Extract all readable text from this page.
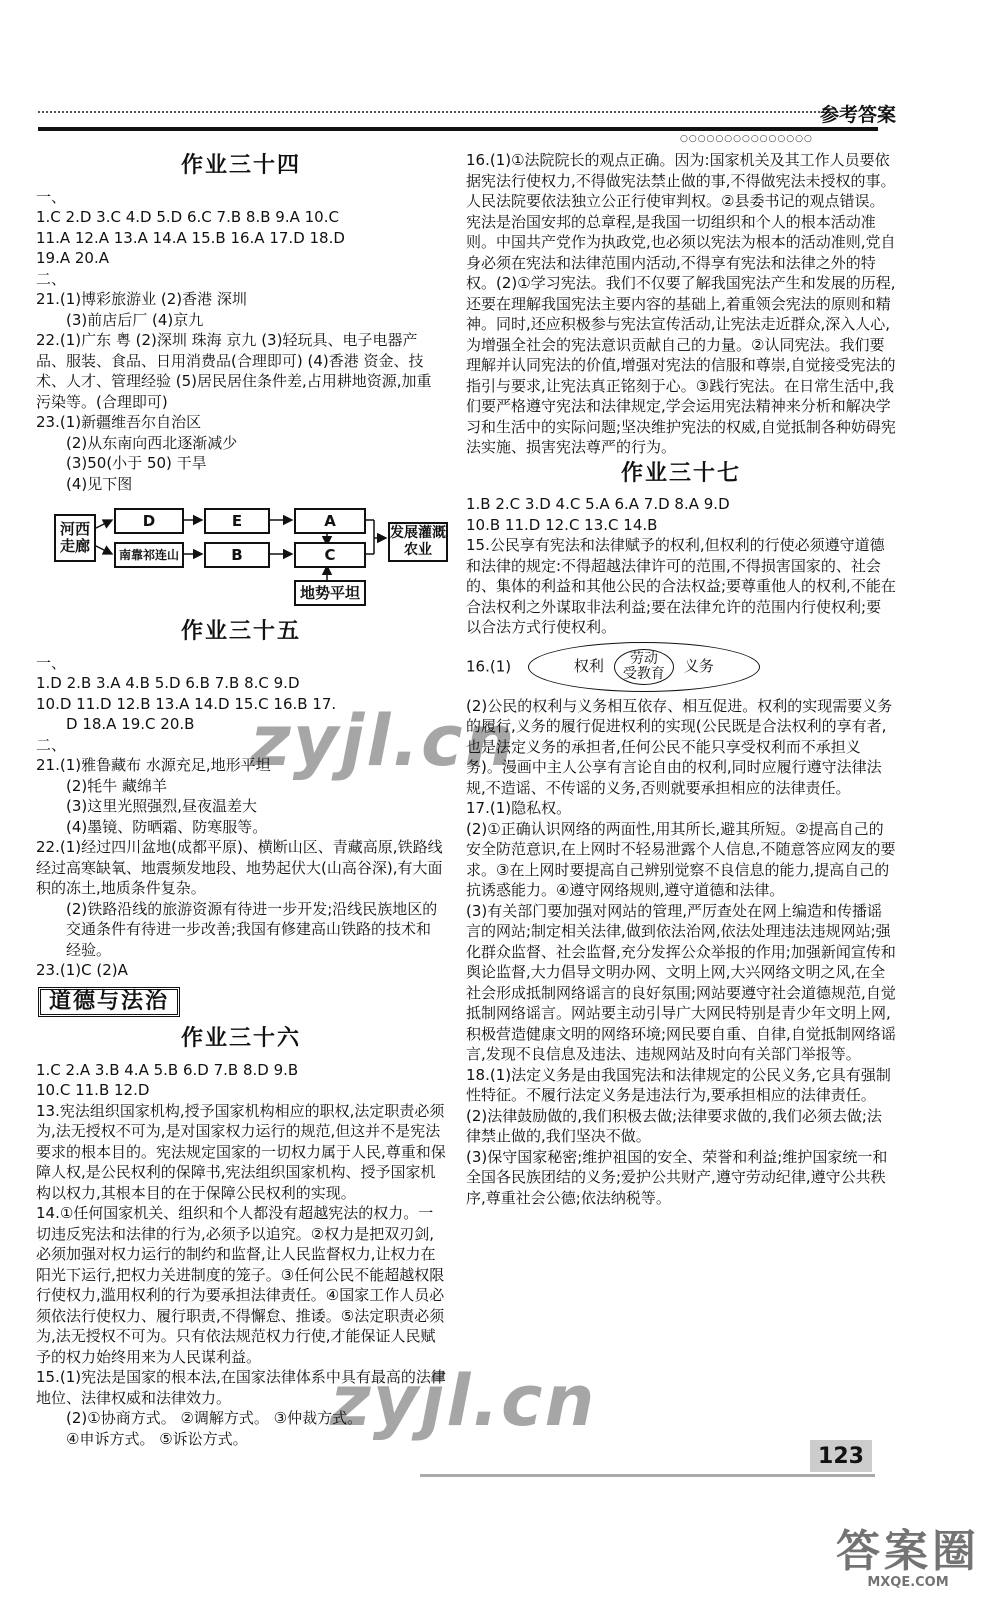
参考答案
○○○○○○○○○○○○○○○
作业三十四

一、

1.C 2.D 3.C 4.D 5.D 6.C 7.B 8.B 9.A 10.C

11.A 12.A 13.A 14.A 15.B 16.A 17.D 18.D

19.A 20.A

二、

21.(1)博彩旅游业 (2)香港 深圳

(3)前店后厂 (4)京九

22.(1)广东 粤 (2)深圳 珠海 京九 (3)轻玩具、电子电器产品、服装、食品、日用消费品(合理即可) (4)香港 资金、技术、人才、管理经验 (5)居民居住条件差,占用耕地资源,加重污染等。(合理即可)

23.(1)新疆维吾尔自治区

(2)从东南向西北逐渐减少

(3)50(小于 50) 干旱

(4)见下图

河西走廊
D	E	A
南靠祁连山	B	C
地势平坦
发展灌溉农业
作业三十五

一、

1.D 2.B 3.A 4.B 5.D 6.B 7.B 8.C 9.D

10.D 11.D 12.B 13.A 14.D 15.C 16.B 17.

D 18.A 19.C 20.B

二、

21.(1)雅鲁藏布 水源充足,地形平坦

(2)牦牛 藏绵羊

(3)这里光照强烈,昼夜温差大

(4)墨镜、防晒霜、防寒服等。

22.(1)经过四川盆地(成都平原)、横断山区、青藏高原,铁路线经过高寒缺氧、地震频发地段、地势起伏大(山高谷深),有大面积的冻土,地质条件复杂。

(2)铁路沿线的旅游资源有待进一步开发;沿线民族地区的交通条件有待进一步改善;我国有修建高山铁路的技术和经验。

23.(1)C (2)A

道德与法治
作业三十六

1.C 2.A 3.B 4.A 5.B 6.D 7.B 8.D 9.B

10.C 11.B 12.D

13.宪法组织国家机构,授予国家机构相应的职权,法定职责必须为,法无授权不可为,是对国家权力运行的规范,但这并不是宪法要求的根本目的。宪法规定国家的一切权力属于人民,尊重和保障人权,是公民权利的保障书,宪法组织国家机构、授予国家机构以权力,其根本目的在于保障公民权利的实现。

14.①任何国家机关、组织和个人都没有超越宪法的权力。一切违反宪法和法律的行为,必须予以追究。②权力是把双刃剑,必须加强对权力运行的制约和监督,让人民监督权力,让权力在阳光下运行,把权力关进制度的笼子。③任何公民不能超越权限行使权力,滥用权利的行为要承担法律责任。④国家工作人员必须依法行使权力、履行职责,不得懈怠、推诿。⑤法定职责必须为,法无授权不可为。只有依法规范权力行使,才能保证人民赋予的权力始终用来为人民谋利益。

15.(1)宪法是国家的根本法,在国家法律体系中具有最高的法律地位、法律权威和法律效力。

(2)①协商方式。 ②调解方式。 ③仲裁方式。

④申诉方式。 ⑤诉讼方式。

16.(1)①法院院长的观点正确。因为:国家机关及其工作人员要依据宪法行使权力,不得做宪法禁止做的事,不得做宪法未授权的事。人民法院要依法独立公正行使审判权。②县委书记的观点错误。宪法是治国安邦的总章程,是我国一切组织和个人的根本活动准则。中国共产党作为执政党,也必须以宪法为根本的活动准则,党自身必须在宪法和法律范围内活动,不得享有宪法和法律之外的特权。(2)①学习宪法。我们不仅要了解我国宪法产生和发展的历程,还要在理解我国宪法主要内容的基础上,着重领会宪法的原则和精神。同时,还应积极参与宪法宣传活动,让宪法走近群众,深入人心,为增强全社会的宪法意识贡献自己的力量。②认同宪法。我们要理解并认同宪法的价值,增强对宪法的信服和尊崇,自觉接受宪法的指引与要求,让宪法真正铭刻于心。③践行宪法。在日常生活中,我们要严格遵守宪法和法律规定,学会运用宪法精神来分析和解决学习和生活中的实际问题;坚决维护宪法的权威,自觉抵制各种妨碍宪法实施、损害宪法尊严的行为。

作业三十七

1.B 2.C 3.D 4.C 5.A 6.A 7.D 8.A 9.D

10.B 11.D 12.C 13.C 14.B

15.公民享有宪法和法律赋予的权利,但权利的行使必须遵守道德和法律的规定:不得超越法律许可的范围,不得损害国家的、社会的、集体的利益和其他公民的合法权益;要尊重他人的权利,不能在合法权利之外谋取非法利益;要在法律允许的范围内行使权利;要以合法方式行使权利。

16.(1)	权利	劳动
受教育	义务

(2)公民的权利与义务相互依存、相互促进。权利的实现需要义务的履行,义务的履行促进权利的实现(公民既是合法权利的享有者,也是法定义务的承担者,任何公民不能只享受权利而不承担义务)。漫画中主人公享有言论自由的权利,同时应履行遵守法律法规,不造谣、不传谣的义务,否则就要承担相应的法律责任。

17.(1)隐私权。

(2)①正确认识网络的两面性,用其所长,避其所短。②提高自己的安全防范意识,在上网时不轻易泄露个人信息,不随意答应网友的要求。③在上网时要提高自己辨别觉察不良信息的能力,提高自己的抗诱惑能力。④遵守网络规则,遵守道德和法律。

(3)有关部门要加强对网站的管理,严厉查处在网上编造和传播谣言的网站;制定相关法律,做到依法治网,依法处理违法违规网站;强化群众监督、社会监督,充分发挥公众举报的作用;加强新闻宣传和舆论监督,大力倡导文明办网、文明上网,大兴网络文明之风,在全社会形成抵制网络谣言的良好氛围;网站要遵守社会道德规范,自觉抵制网络谣言。网站要主动引导广大网民特别是青少年文明上网,积极营造健康文明的网络环境;网民要自重、自律,自觉抵制网络谣言,发现不良信息及违法、违规网站及时向有关部门举报等。

18.(1)法定义务是由我国宪法和法律规定的公民义务,它具有强制性特征。不履行法定义务是违法行为,要承担相应的法律责任。

(2)法律鼓励做的,我们积极去做;法律要求做的,我们必须去做;法律禁止做的,我们坚决不做。

(3)保守国家秘密;维护祖国的安全、荣誉和利益;维护国家统一和全国各民族团结的义务;爱护公共财产,遵守劳动纪律,遵守公共秩序,尊重社会公德;依法纳税等。

123
zyjl.cn
zyjl.cn
答案圈
MXQE.COM
